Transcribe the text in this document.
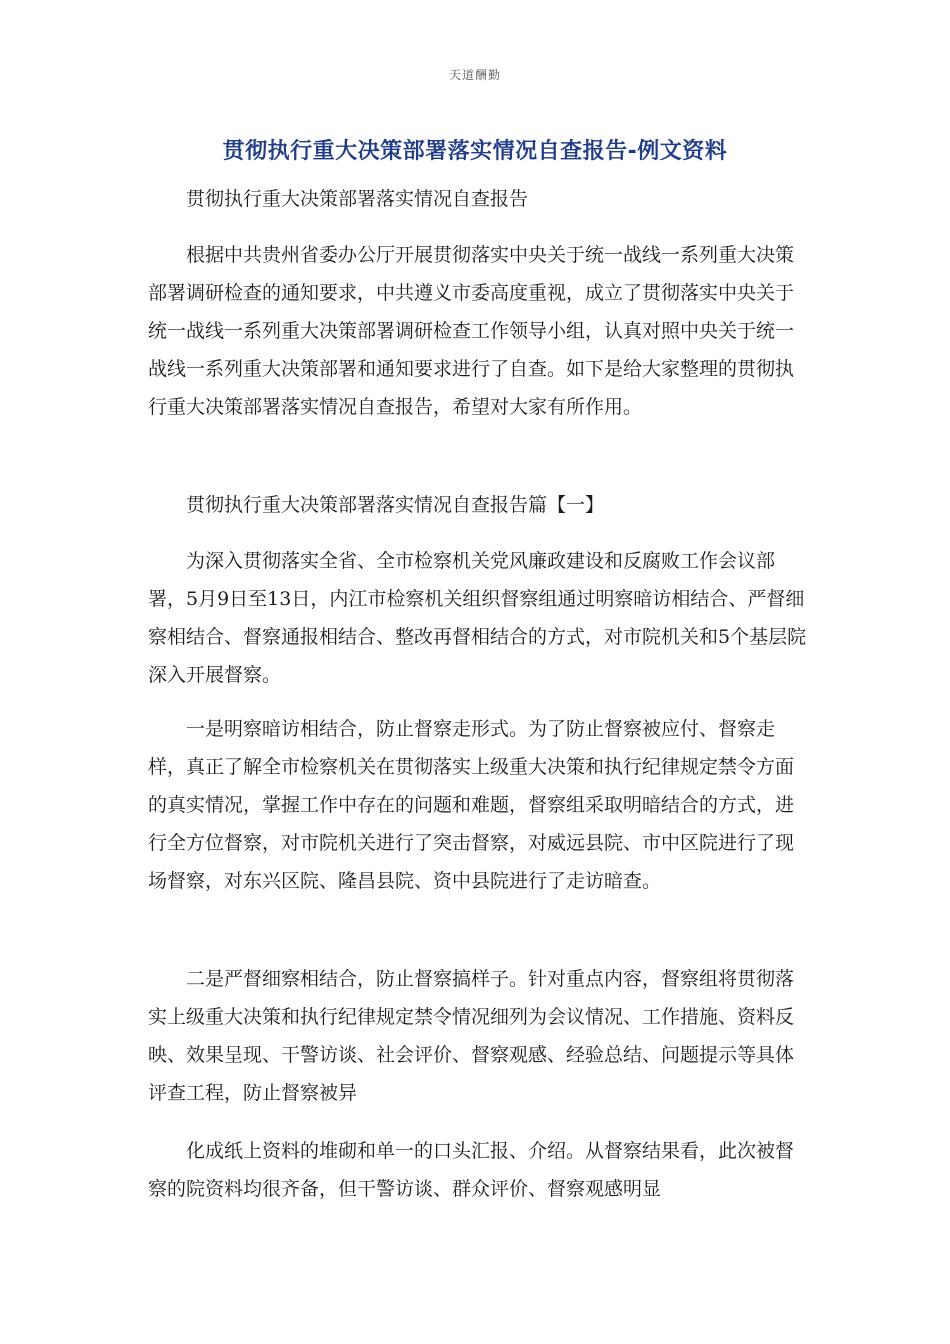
天道酬勤
贯彻执行重大决策部署落实情况自查报告-例文资料

贯彻执行重大决策部署落实情况自查报告

根据中共贵州省委办公厅开展贯彻落实中央关于统一战线一系列重大决策部署调研检查的通知要求，中共遵义市委高度重视，成立了贯彻落实中央关于统一战线一系列重大决策部署调研检查工作领导小组，认真对照中央关于统一战线一系列重大决策部署和通知要求进行了自查。如下是给大家整理的贯彻执行重大决策部署落实情况自查报告，希望对大家有所作用。

贯彻执行重大决策部署落实情况自查报告篇【一】

为深入贯彻落实全省、全市检察机关党风廉政建设和反腐败工作会议部署，5月9日至13日，内江市检察机关组织督察组通过明察暗访相结合、严督细察相结合、督察通报相结合、整改再督相结合的方式，对市院机关和5个基层院深入开展督察。

一是明察暗访相结合，防止督察走形式。为了防止督察被应付、督察走样，真正了解全市检察机关在贯彻落实上级重大决策和执行纪律规定禁令方面的真实情况，掌握工作中存在的问题和难题，督察组采取明暗结合的方式，进行全方位督察，对市院机关进行了突击督察，对威远县院、市中区院进行了现场督察，对东兴区院、隆昌县院、资中县院进行了走访暗查。

二是严督细察相结合，防止督察搞样子。针对重点内容，督察组将贯彻落实上级重大决策和执行纪律规定禁令情况细列为会议情况、工作措施、资料反映、效果呈现、干警访谈、社会评价、督察观感、经验总结、问题提示等具体评查工程，防止督察被异

化成纸上资料的堆砌和单一的口头汇报、介绍。从督察结果看，此次被督察的院资料均很齐备，但干警访谈、群众评价、督察观感明显
